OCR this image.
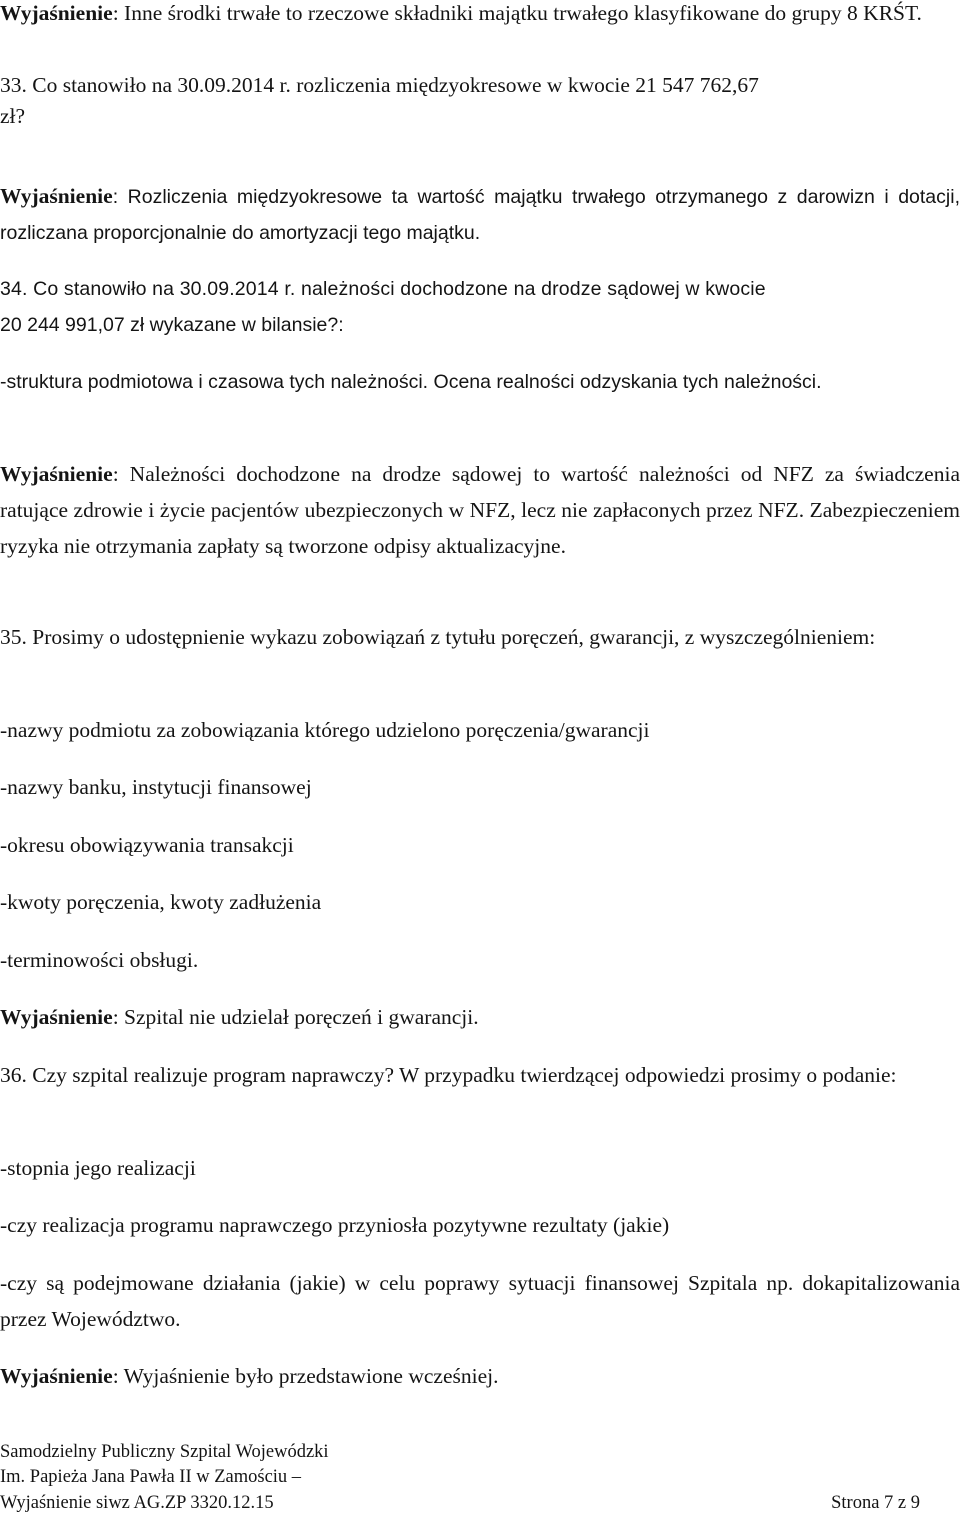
Wyjaśnienie: Inne środki trwałe to rzeczowe składniki majątku trwałego klasyfikowane do grupy 8 KRŚT.

33. Co stanowiło na 30.09.2014 r. rozliczenia międzyokresowe w kwocie 21 547 762,67
zł?

Wyjaśnienie: Rozliczenia międzyokresowe ta wartość majątku trwałego otrzymanego z darowizn i dotacji, rozliczana proporcjonalnie do amortyzacji tego majątku.

34. Co stanowiło na 30.09.2014 r. należności dochodzone na drodze sądowej w kwocie
20 244 991,07 zł wykazane w bilansie?:

-struktura podmiotowa i czasowa tych należności. Ocena realności odzyskania tych należności.

Wyjaśnienie: Należności dochodzone na drodze sądowej to wartość należności od NFZ za świadczenia ratujące zdrowie i życie pacjentów ubezpieczonych w NFZ, lecz nie zapłaconych przez NFZ. Zabezpieczeniem ryzyka nie otrzymania zapłaty są tworzone odpisy aktualizacyjne.

35. Prosimy o udostępnienie wykazu zobowiązań z tytułu poręczeń, gwarancji, z wyszczególnieniem:

-nazwy podmiotu za zobowiązania którego udzielono poręczenia/gwarancji
-nazwy banku, instytucji finansowej
-okresu obowiązywania transakcji
-kwoty poręczenia, kwoty zadłużenia
-terminowości obsługi.
Wyjaśnienie: Szpital nie udzielał poręczeń i gwarancji.

36. Czy szpital realizuje program naprawczy? W przypadku twierdzącej odpowiedzi prosimy o podanie:

-stopnia jego realizacji
-czy realizacja programu naprawczego przyniosła pozytywne rezultaty (jakie)

-czy są podejmowane działania (jakie) w celu poprawy sytuacji finansowej Szpitala np. dokapitalizowania przez Województwo.

Wyjaśnienie: Wyjaśnienie było przedstawione wcześniej.
Samodzielny Publiczny Szpital Wojewódzki
Im. Papieża Jana Pawła II w Zamościu –
Wyjaśnienie siwz AG.ZP 3320.12.15	Strona 7 z 9
